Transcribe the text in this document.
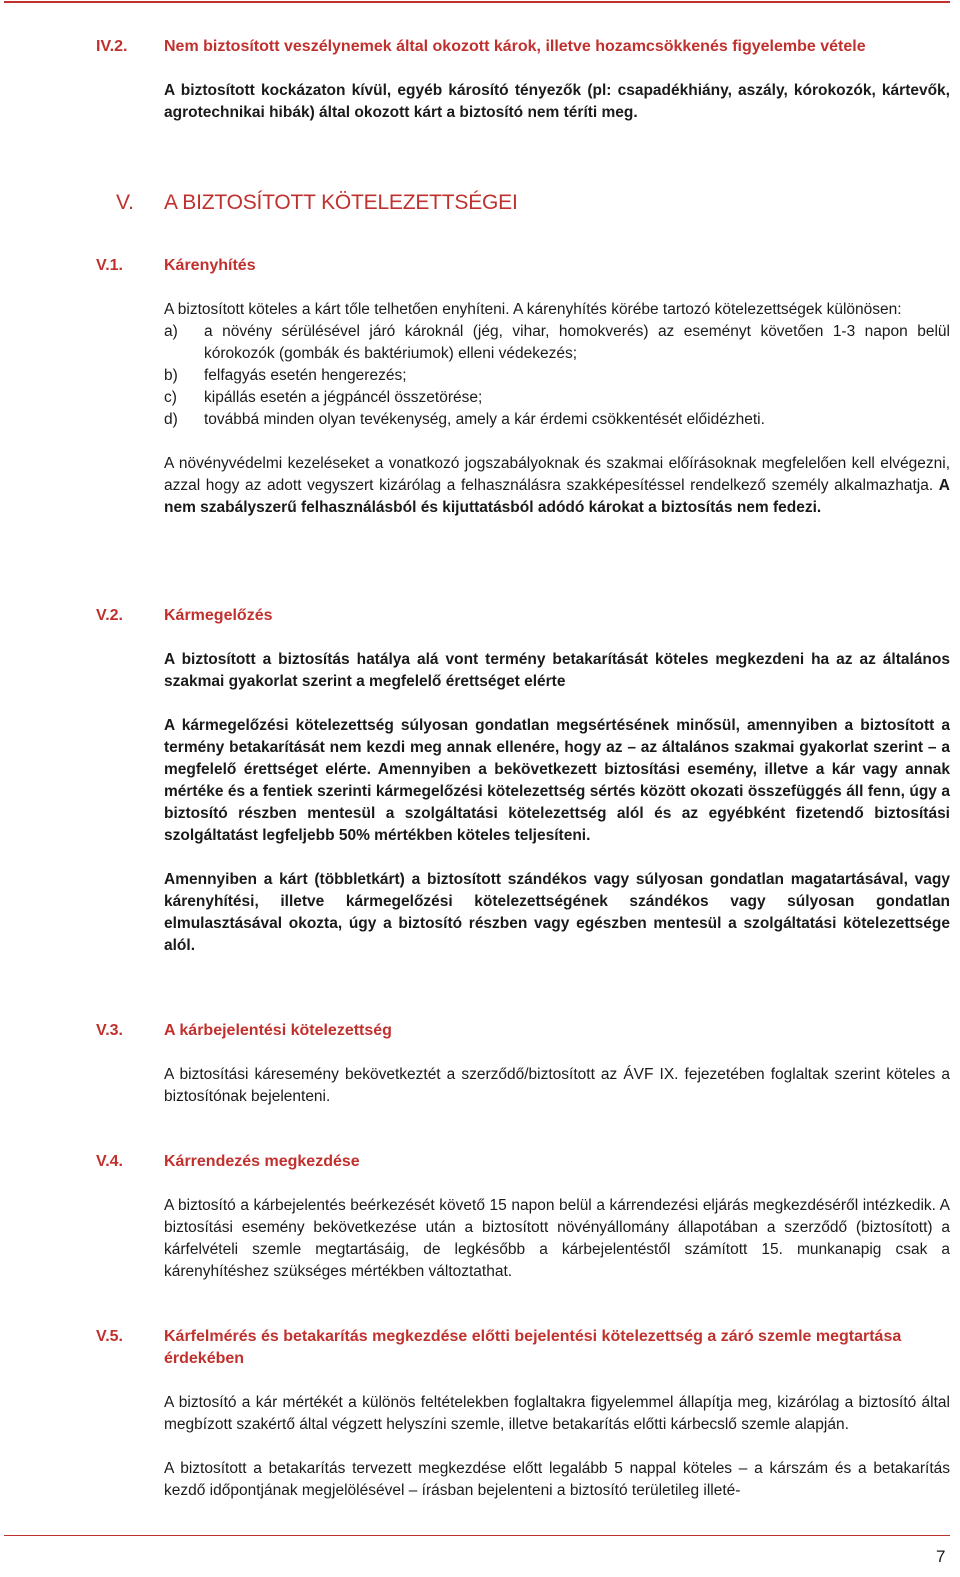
IV.2.	Nem biztosított veszélynemek által okozott károk, illetve hozamcsökkenés figyelembe vétele

A biztosított kockázaton kívül, egyéb károsító tényezők (pl: csapadékhiány, aszály, kórokozók, kártevők, agrotechnikai hibák) által okozott kárt a biztosító nem téríti meg.

V. A BIZTOSÍTOTT KÖTELEZETTSÉGEI
V.1.	Kárenyhítés

A biztosított köteles a kárt tőle telhetően enyhíteni. A kárenyhítés körébe tartozó kötelezettségek különösen:

a) a növény sérülésével járó károknál (jég, vihar, homokverés) az eseményt követően 1-3 napon belül kórokozók (gombák és baktériumok) elleni védekezés;
b) felfagyás esetén hengerezés;
c) kipállás esetén a jégpáncél összetörése;
d) továbbá minden olyan tevékenység, amely a kár érdemi csökkentését előidézheti.

A növényvédelmi kezeléseket a vonatkozó jogszabályoknak és szakmai előírásoknak megfelelően kell elvégezni, azzal hogy az adott vegyszert kizárólag a felhasználásra szakképesítéssel rendelkező személy alkalmazhatja. A nem szabályszerű felhasználásból és kijuttatásból adódó károkat a biztosítás nem fedezi.

V.2.	Kármegelőzés

A biztosított a biztosítás hatálya alá vont termény betakarítását köteles megkezdeni ha az az általános szakmai gyakorlat szerint a megfelelő érettséget elérte

A kármegelőzési kötelezettség súlyosan gondatlan megsértésének minősül, amennyiben a biztosított a termény betakarítását nem kezdi meg annak ellenére, hogy az – az általános szakmai gyakorlat szerint – a megfelelő érettséget elérte. Amennyiben a bekövetkezett biztosítási esemény, illetve a kár vagy annak mértéke és a fentiek szerinti kármegelőzési kötelezettség sértés között okozati összefüggés áll fenn, úgy a biztosító részben mentesül a szolgáltatási kötelezettség alól és az egyébként fizetendő biztosítási szolgáltatást legfeljebb 50% mértékben köteles teljesíteni.

Amennyiben a kárt (többletkárt) a biztosított szándékos vagy súlyosan gondatlan magatartásával, vagy kárenyhítési, illetve kármegelőzési kötelezettségének szándékos vagy súlyosan gondatlan elmulasztásával okozta, úgy a biztosító részben vagy egészben mentesül a szolgáltatási kötelezettsége alól.

V.3.	A kárbejelentési kötelezettség

A biztosítási káresemény bekövetkeztét a szerződő/biztosított az ÁVF IX. fejezetében foglaltak szerint köteles a biztosítónak bejelenteni.

V.4.	Kárrendezés megkezdése

A biztosító a kárbejelentés beérkezését követő 15 napon belül a kárrendezési eljárás megkezdéséről intézkedik. A biztosítási esemény bekövetkezése után a biztosított növényállomány állapotában a szerződő (biztosított) a kárfelvételi szemle megtartásáig, de legkésőbb a kárbejelentéstől számított 15. munkanapig csak a kárenyhítéshez szükséges mértékben változtathat.

V.5.	Kárfelmérés és betakarítás megkezdése előtti bejelentési kötelezettség a záró szemle megtartása érdekében

A biztosító a kár mértékét a különös feltételekben foglaltakra figyelemmel állapítja meg, kizárólag a biztosító által megbízott szakértő által végzett helyszíni szemle, illetve betakarítás előtti kárbecslő szemle alapján.

A biztosított a betakarítás tervezett megkezdése előtt legalább 5 nappal köteles – a kárszám és a betakarítás kezdő időpontjának megjelölésével – írásban bejelenteni a biztosító területileg illeté-

7
